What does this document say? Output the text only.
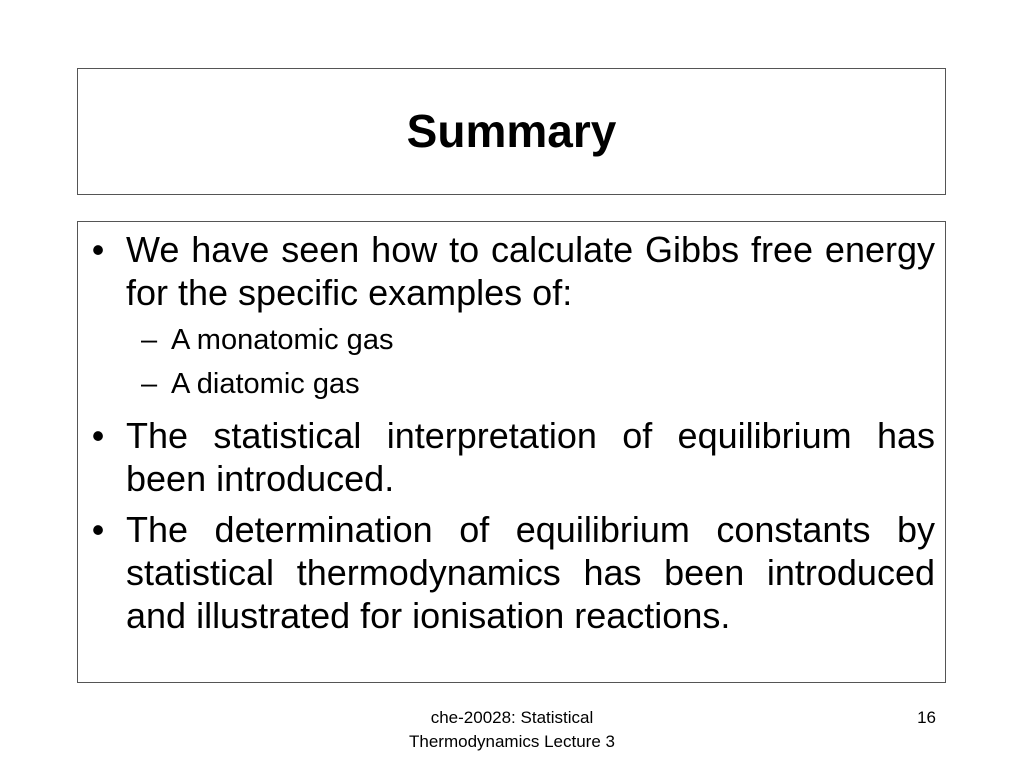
Summary
• We have seen how to calculate Gibbs free energy for the specific examples of:
– A monatomic gas
– A diatomic gas
• The statistical interpretation of equilibrium has been introduced.
• The determination of equilibrium constants by statistical thermodynamics has been introduced and illustrated for ionisation reactions.
che-20028: Statistical
Thermodynamics Lecture 3
16
